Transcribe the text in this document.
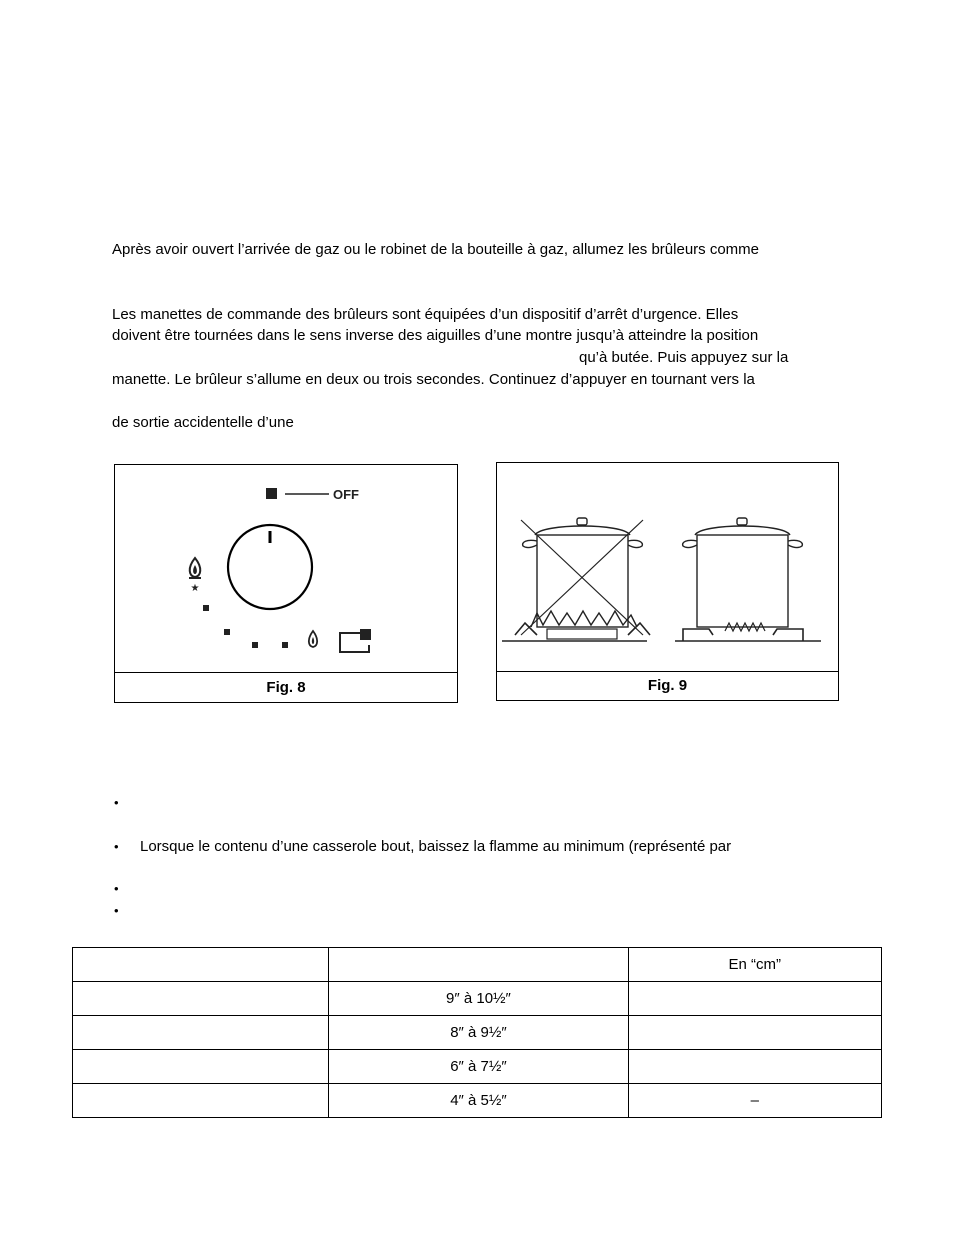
Après avoir ouvert l’arrivée de gaz ou le robinet de la bouteille à gaz, allumez les brûleurs comme
Les manettes de commande des brûleurs sont équipées d’un dispositif d’arrêt d’urgence. Elles
doivent être tournées dans le sens inverse des aiguilles d’une montre jusqu’à atteindre la position
qu’à butée. Puis appuyez sur la
manette. Le brûleur s’allume en deux ou trois secondes. Continuez d’appuyer en tournant vers la
de sortie accidentelle d’une
OFF
★
Fig. 8	Fig. 9
•
• Lorsque le contenu d’une casserole bout, baissez la flamme au minimum (représenté par
•
•
		En “cm”
	9″ à 10½″	
	8″ à 9½″	
	6″ à 7½″	
	4″ à 5½″	–
